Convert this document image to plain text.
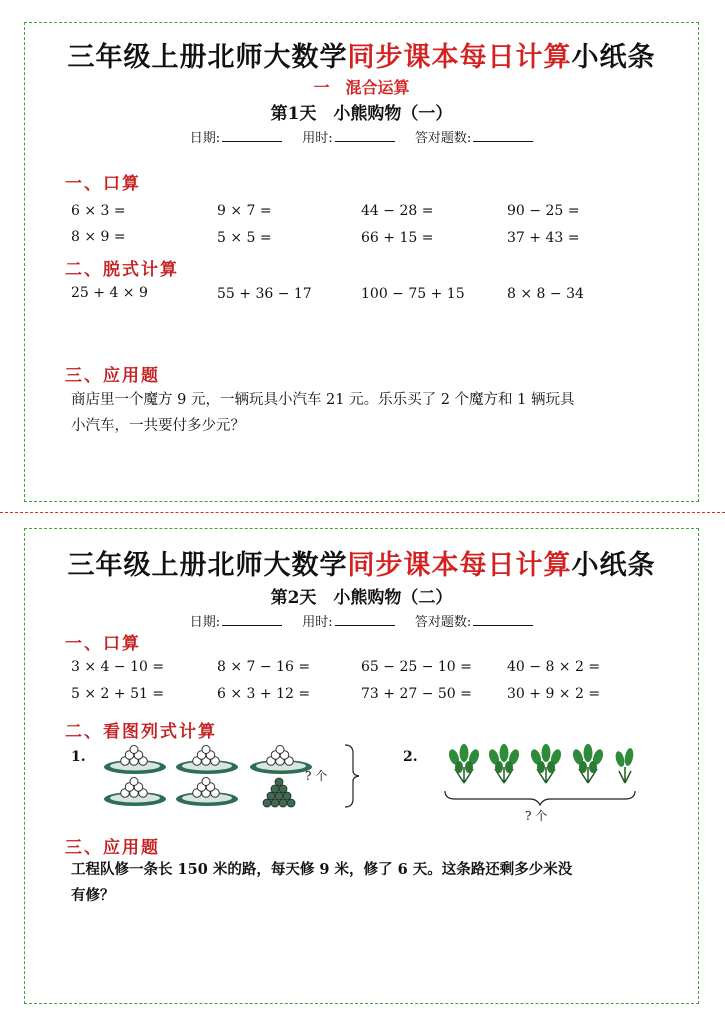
三年级上册北师大数学同步课本每日计算小纸条
一　混合运算
第1天　小熊购物（一）
日期:	用时:	答对题数:
一、口算
6 × 3 =	9 × 7 =	44 − 28 =	90 − 25 =
8 × 9 =	5 × 5 =	66 + 15 =	37 + 43 =
二、脱式计算
25 + 4 × 9	55 + 36 − 17	100 − 75 + 15	8 × 8 − 34
三、应用题
商店里一个魔方 9 元，一辆玩具小汽车 21 元。乐乐买了 2 个魔方和 1 辆玩具
小汽车，一共要付多少元？
三年级上册北师大数学同步课本每日计算小纸条
第2天　小熊购物（二）
日期:	用时:	答对题数:
一、口算
3 × 4 − 10 =	8 × 7 − 16 =	65 − 25 − 10 =	40 − 8 × 2 =
5 × 2 + 51 =	6 × 3 + 12 =	73 + 27 − 50 =	30 + 9 × 2 =
二、看图列式计算
1.
? 个
2.
? 个
三、应用题
工程队修一条长 150 米的路，每天修 9 米，修了 6 天。这条路还剩多少米没
有修？
